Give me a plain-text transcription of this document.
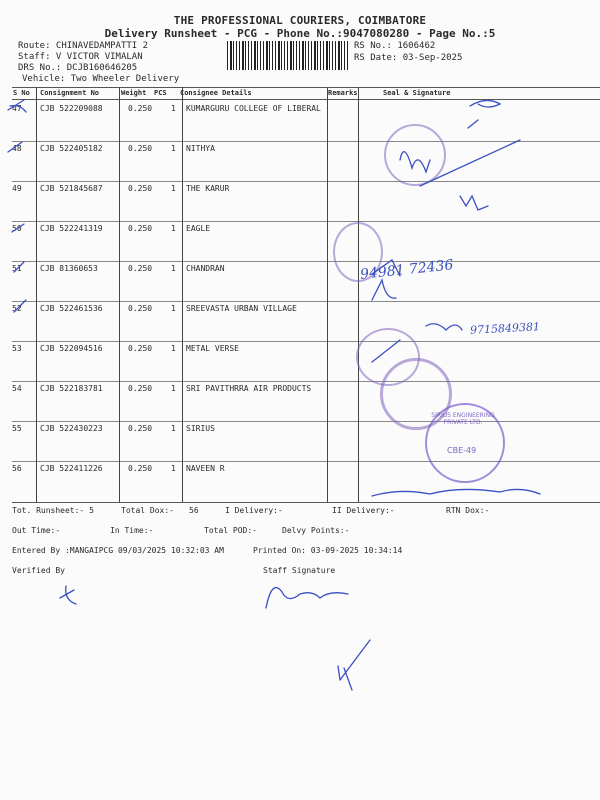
THE PROFESSIONAL COURIERS, COIMBATORE
Delivery Runsheet - PCG - Phone No.:9047080280 - Page No.:5
Route: CHINAVEDAMPATTI 2
Staff: V VICTOR VIMALAN
DRS No.: DCJB160646205
Vehicle: Two Wheeler Delivery
RS No.: 1606462
RS Date: 03-Sep-2025
S No Consignment No	Weight PCS Consignee Details	Remarks	Seal & Signature
47 CJB 522209088	0.250 1 KUMARGURU COLLEGE OF LIBERAL
48 CJB 522405182	0.250 1 NITHYA
49 CJB 521845687	0.250 1 THE KARUR
50 CJB 522241319	0.250 1 EAGLE
51 CJB 81360653	0.250 1 CHANDRAN
52 CJB 522461536	0.250 1 SREEVASTA URBAN VILLAGE
53 CJB 522094516	0.250 1 METAL VERSE
54 CJB 522183781	0.250 1 SRI PAVITHRRA AIR PRODUCTS
55 CJB 522430223	0.250 1 SIRIUS
56 CJB 522411226	0.250 1 NAVEEN R
SIRIUS ENGINEERING PRIVATE LTD.
CBE-49
94981 72436
9715849381
Tot. Runsheet:- 5	Total Dox:- 56	I Delivery:-	II Delivery:-	RTN Dox:-
Out Time:-	In Time:-	Total POD:-	Delvy Points:-
Entered By :MANGAIPCG 09/03/2025 10:32:03 AM	Printed On: 03-09-2025 10:34:14
Verified By	Staff Signature
